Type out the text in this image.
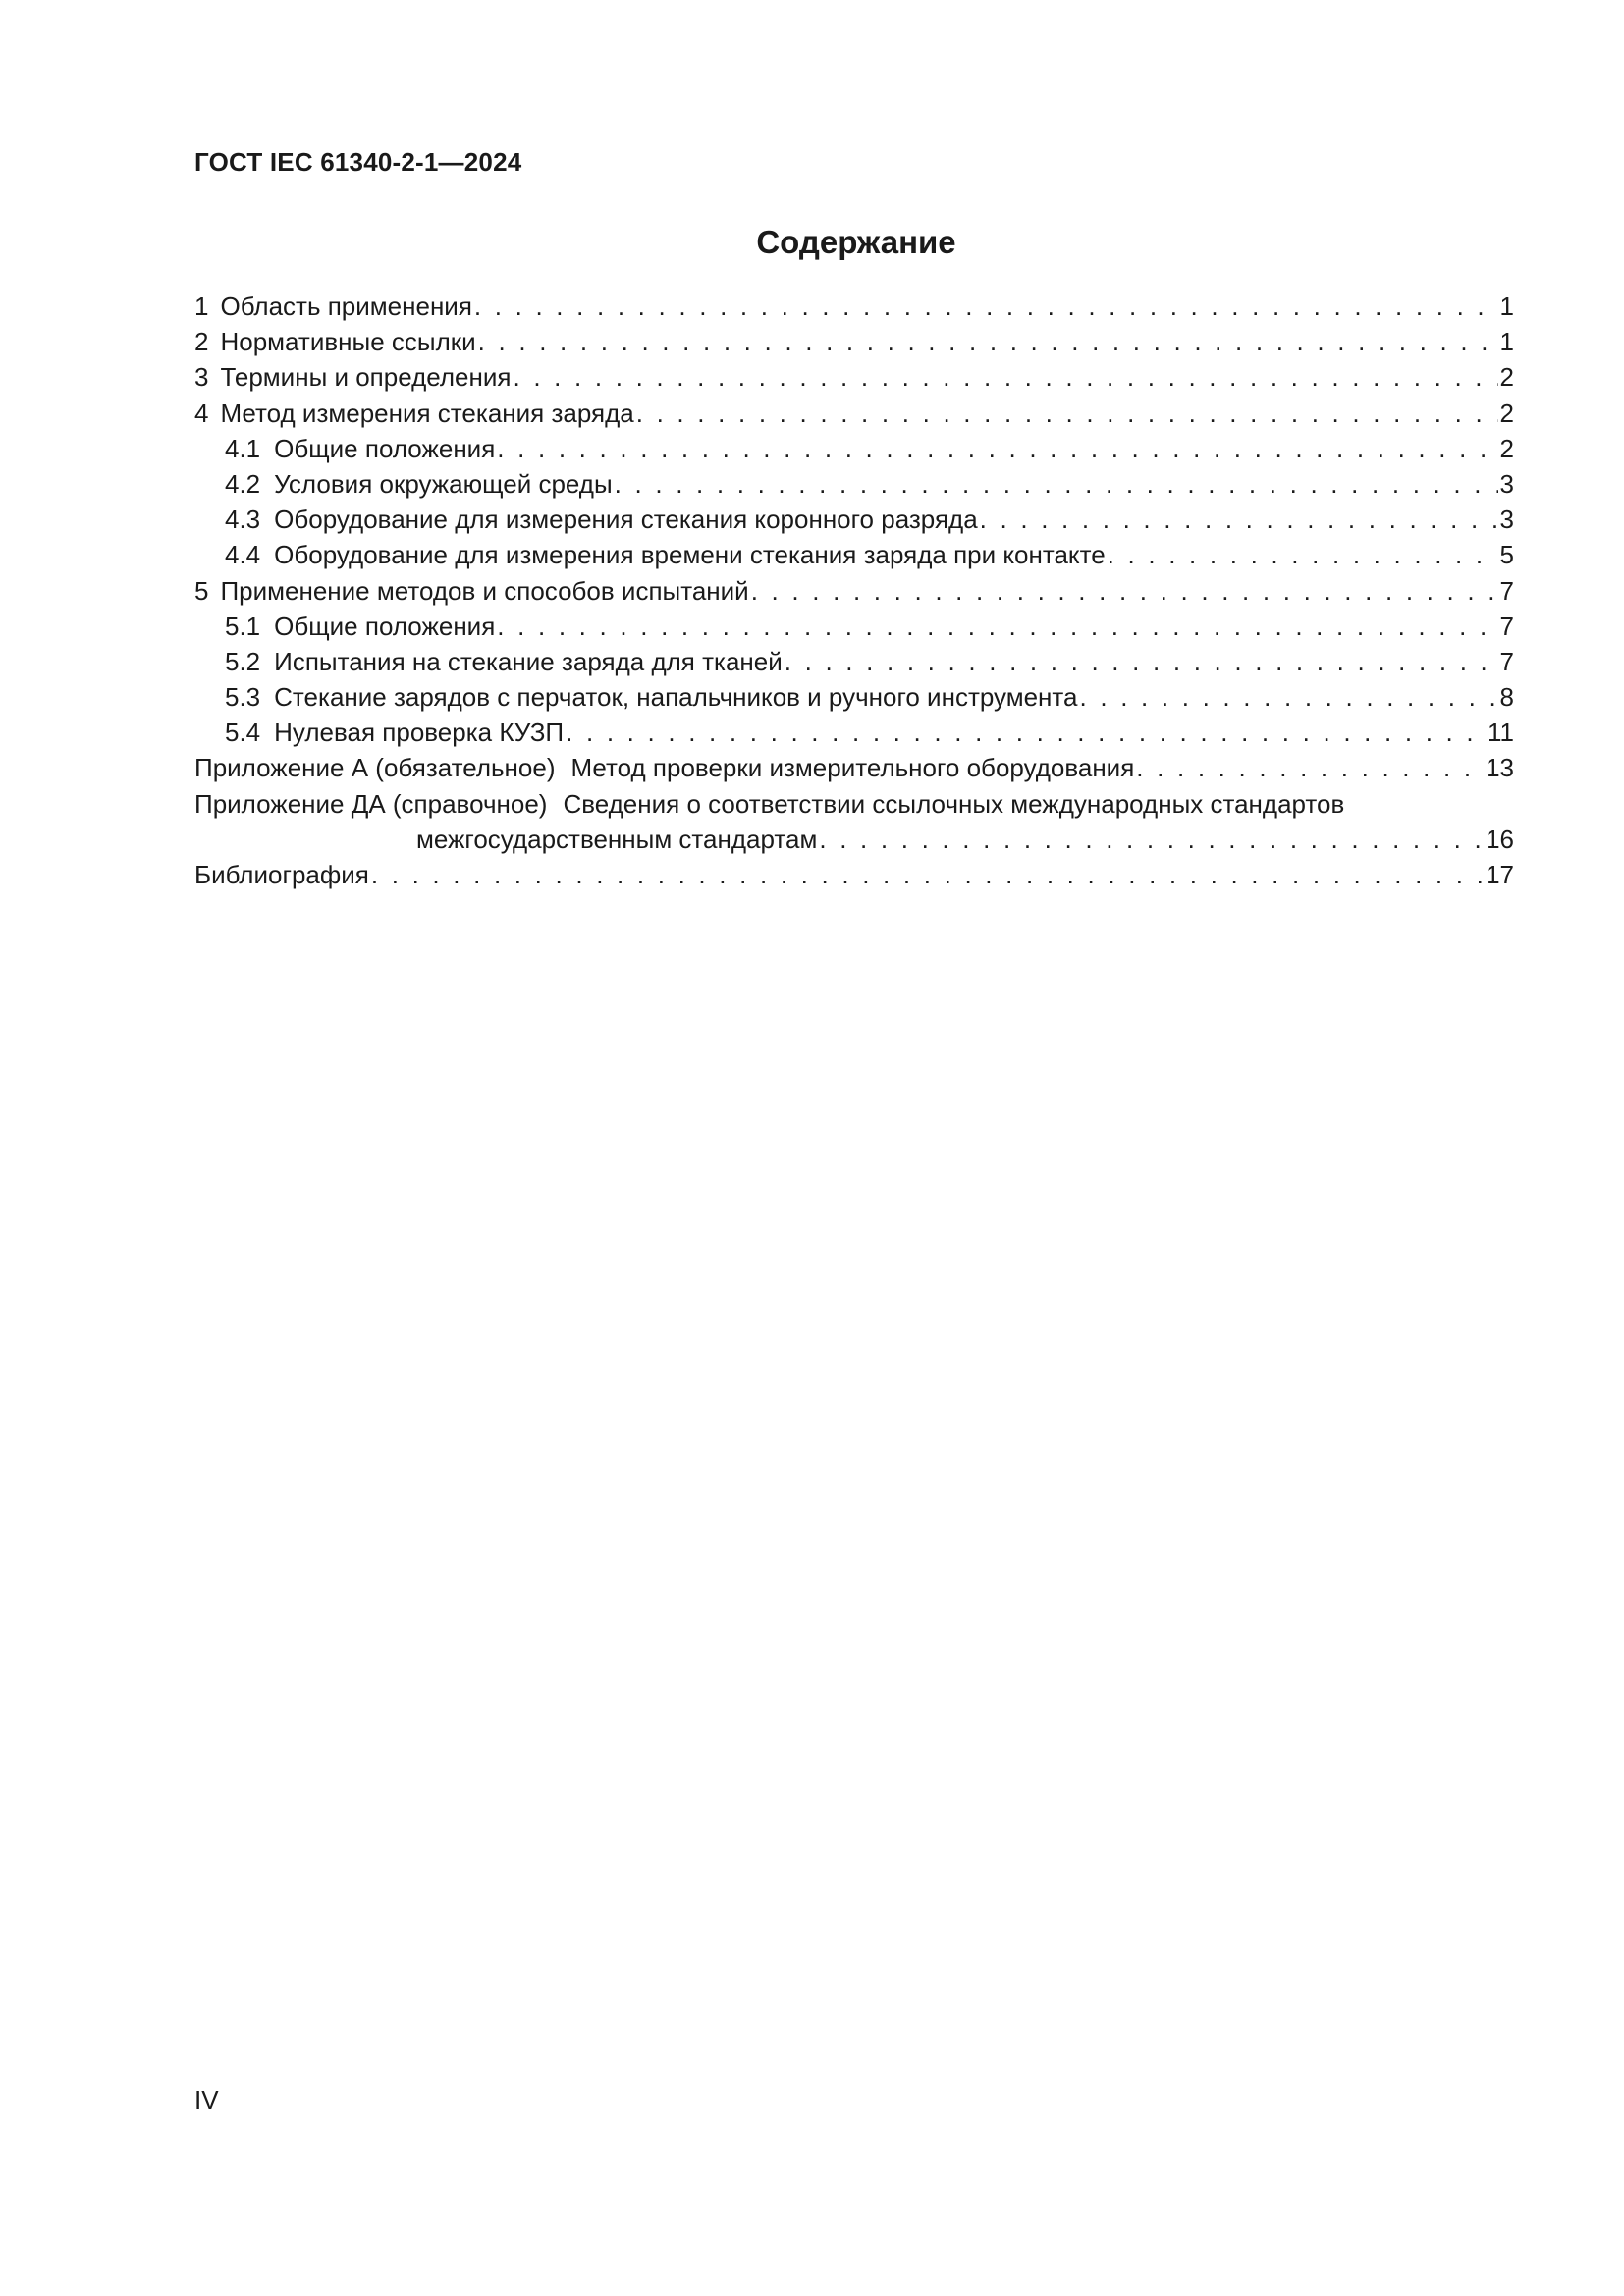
ГОСТ IEC 61340-2-1—2024
Содержание
1 Область применения . . .	1
2 Нормативные ссылки . . .	1
3 Термины и определения . . .	2
4 Метод измерения стекания заряда . . .	2
4.1 Общие положения . . .	2
4.2 Условия окружающей среды . . .	3
4.3 Оборудование для измерения стекания коронного разряда . . .	3
4.4 Оборудование для измерения времени стекания заряда при контакте . . .	5
5 Применение методов и способов испытаний . . .	7
5.1 Общие положения . . .	7
5.2 Испытания на стекание заряда для тканей . . .	7
5.3 Стекание зарядов с перчаток, напальчников и ручного инструмента . . .	8
5.4 Нулевая проверка КУЗП . . .	11
Приложение А (обязательное) Метод проверки измерительного оборудования . . .	13
Приложение ДА (справочное) Сведения о соответствии ссылочных международных стандартов
межгосударственным стандартам . . .	16
Библиография . . .	17
IV
